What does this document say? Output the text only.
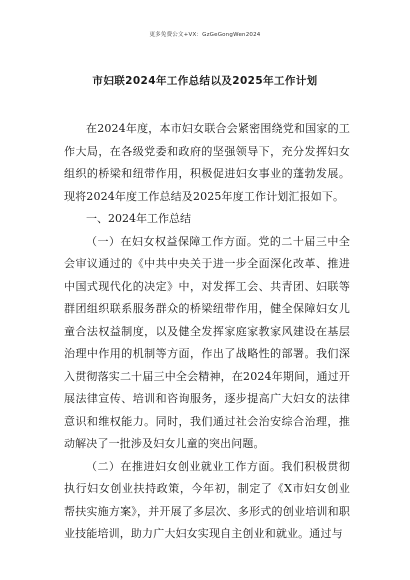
更多免费公文+VX：GzGeGongWen2024
市妇联2024年工作总结以及2025年工作计划

在2024年度，本市妇女联合会紧密围绕党和国家的工作大局，在各级党委和政府的坚强领导下，充分发挥妇女组织的桥梁和纽带作用，积极促进妇女事业的蓬勃发展。现将2024年度工作总结及2025年度工作计划汇报如下。

一、2024年工作总结

（一）在妇女权益保障工作方面。党的二十届三中全会审议通过的《中共中央关于进一步全面深化改革、推进中国式现代化的决定》中，对发挥工会、共青团、妇联等群团组织联系服务群众的桥梁纽带作用，健全保障妇女儿童合法权益制度，以及健全发挥家庭家教家风建设在基层治理中作用的机制等方面，作出了战略性的部署。我们深入贯彻落实二十届三中全会精神，在2024年期间，通过开展法律宣传、培训和咨询服务，逐步提高广大妇女的法律意识和维权能力。同时，我们通过社会治安综合治理，推动解决了一批涉及妇女儿童的突出问题。

（二）在推进妇女创业就业工作方面。我们积极贯彻执行妇女创业扶持政策，今年初，制定了《X市妇女创业帮扶实施方案》，并开展了多层次、多形式的创业培训和职业技能培训，助力广大妇女实现自主创业和就业。通过与
